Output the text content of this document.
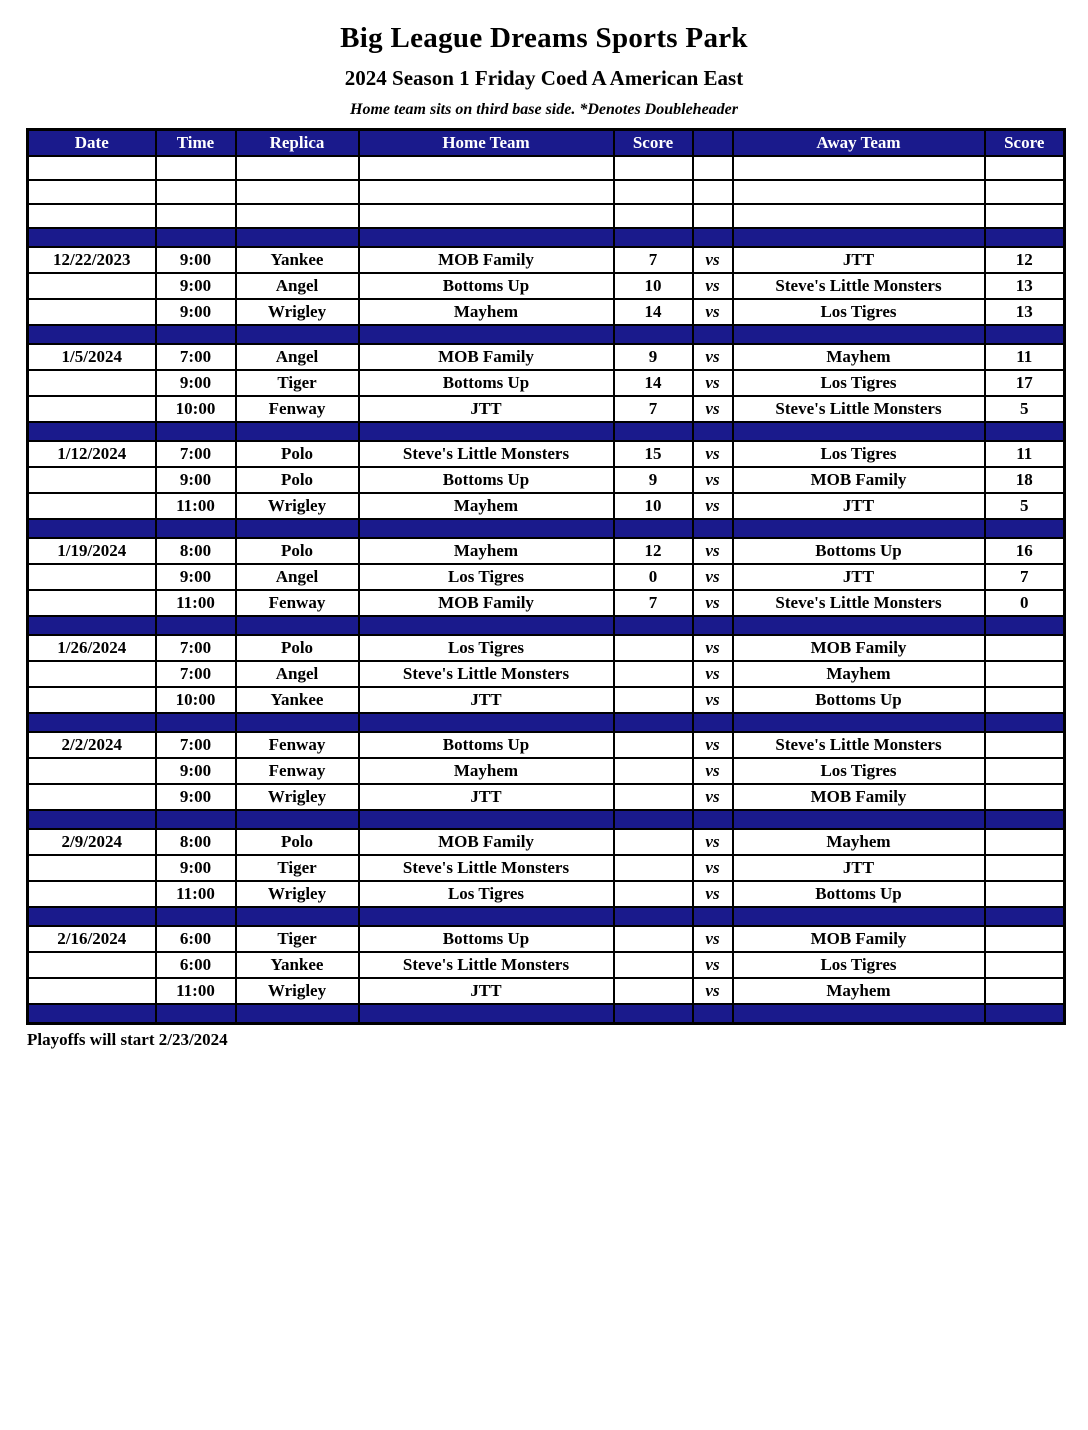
Big League Dreams Sports Park
2024 Season 1 Friday Coed A American East
Home team sits on third base side. *Denotes Doubleheader
Date	Time	Replica	Home Team	Score		Away Team	Score

12/22/2023	9:00	Yankee	MOB Family	7	vs	JTT	12
	9:00	Angel	Bottoms Up	10	vs	Steve's Little Monsters	13
	9:00	Wrigley	Mayhem	14	vs	Los Tigres	13

1/5/2024	7:00	Angel	MOB Family	9	vs	Mayhem	11
	9:00	Tiger	Bottoms Up	14	vs	Los Tigres	17
	10:00	Fenway	JTT	7	vs	Steve's Little Monsters	5

1/12/2024	7:00	Polo	Steve's Little Monsters	15	vs	Los Tigres	11
	9:00	Polo	Bottoms Up	9	vs	MOB Family	18
	11:00	Wrigley	Mayhem	10	vs	JTT	5

1/19/2024	8:00	Polo	Mayhem	12	vs	Bottoms Up	16
	9:00	Angel	Los Tigres	0	vs	JTT	7
	11:00	Fenway	MOB Family	7	vs	Steve's Little Monsters	0

1/26/2024	7:00	Polo	Los Tigres		vs	MOB Family	
	7:00	Angel	Steve's Little Monsters		vs	Mayhem	
	10:00	Yankee	JTT		vs	Bottoms Up	

2/2/2024	7:00	Fenway	Bottoms Up		vs	Steve's Little Monsters	
	9:00	Fenway	Mayhem		vs	Los Tigres	
	9:00	Wrigley	JTT		vs	MOB Family	

2/9/2024	8:00	Polo	MOB Family		vs	Mayhem	
	9:00	Tiger	Steve's Little Monsters		vs	JTT	
	11:00	Wrigley	Los Tigres		vs	Bottoms Up	

2/16/2024	6:00	Tiger	Bottoms Up		vs	MOB Family	
	6:00	Yankee	Steve's Little Monsters		vs	Los Tigres	
	11:00	Wrigley	JTT		vs	Mayhem	

Playoffs will start 2/23/2024
